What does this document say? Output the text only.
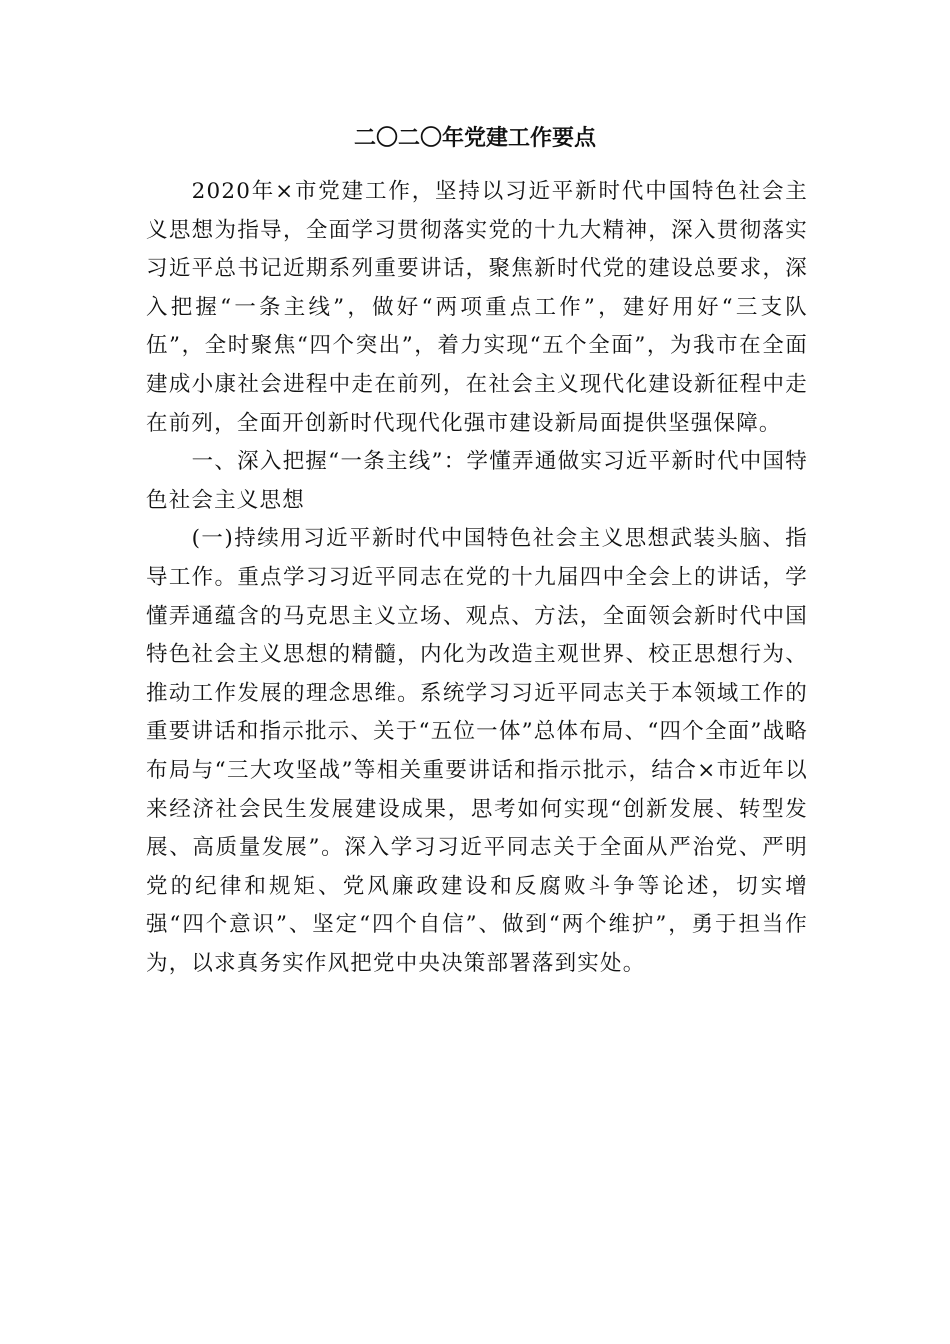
二〇二〇年党建工作要点

2020年×市党建工作，坚持以习近平新时代中国特色社会主义思想为指导，全面学习贯彻落实党的十九大精神，深入贯彻落实习近平总书记近期系列重要讲话，聚焦新时代党的建设总要求，深入把握“一条主线”，做好“两项重点工作”，建好用好“三支队伍”，全时聚焦“四个突出”，着力实现“五个全面”，为我市在全面建成小康社会进程中走在前列，在社会主义现代化建设新征程中走在前列，全面开创新时代现代化强市建设新局面提供坚强保障。

一、深入把握“一条主线”：学懂弄通做实习近平新时代中国特色社会主义思想

(一)持续用习近平新时代中国特色社会主义思想武装头脑、指导工作。重点学习习近平同志在党的十九届四中全会上的讲话，学懂弄通蕴含的马克思主义立场、观点、方法，全面领会新时代中国特色社会主义思想的精髓，内化为改造主观世界、校正思想行为、推动工作发展的理念思维。系统学习习近平同志关于本领域工作的重要讲话和指示批示、关于“五位一体”总体布局、“四个全面”战略布局与“三大攻坚战”等相关重要讲话和指示批示，结合×市近年以来经济社会民生发展建设成果，思考如何实现“创新发展、转型发展、高质量发展”。深入学习习近平同志关于全面从严治党、严明党的纪律和规矩、党风廉政建设和反腐败斗争等论述，切实增强“四个意识”、坚定“四个自信”、做到“两个维护”，勇于担当作为，以求真务实作风把党中央决策部署落到实处。
